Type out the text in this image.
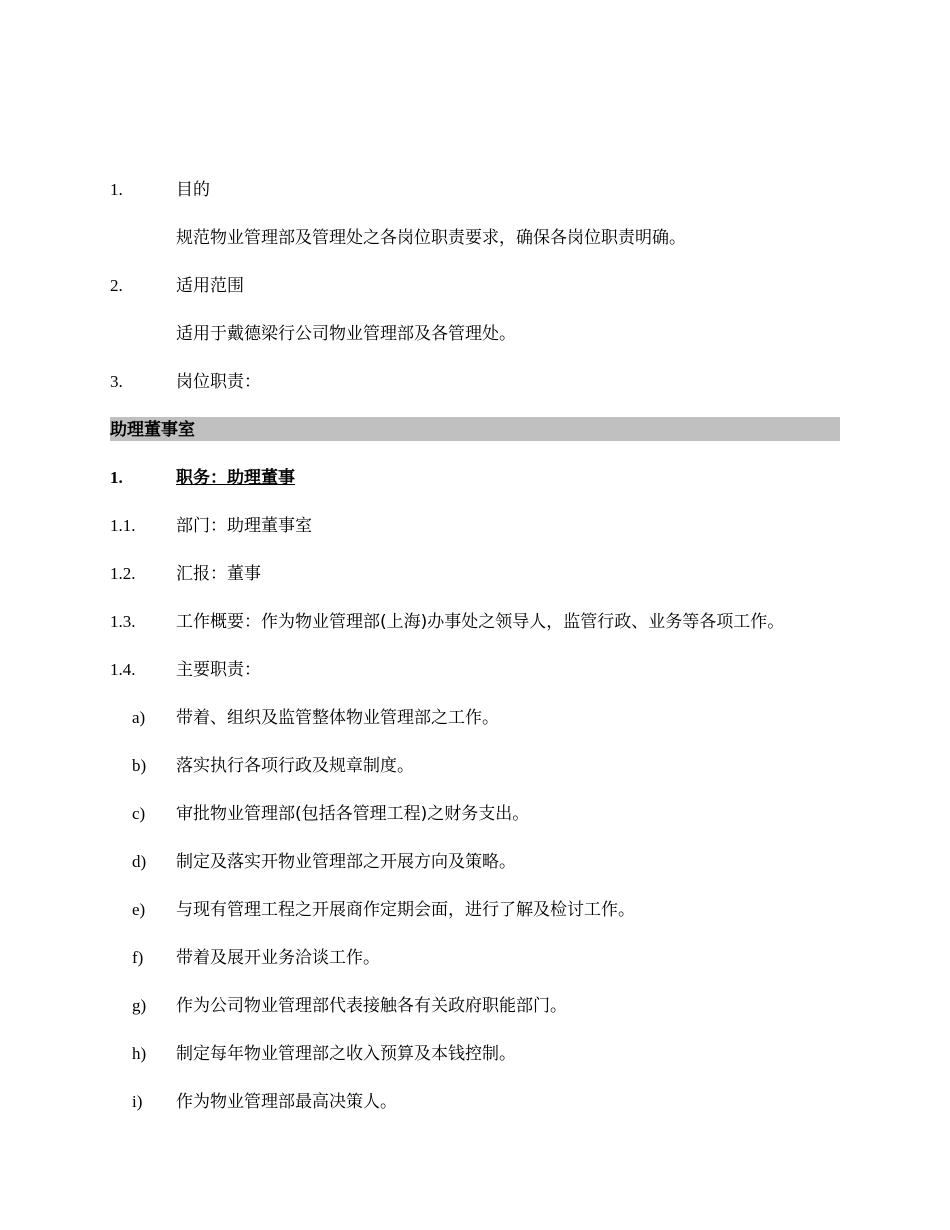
1.	目的
规范物业管理部及管理处之各岗位职责要求，确保各岗位职责明确。
2.	适用范围
适用于戴德梁行公司物业管理部及各管理处。
3.	岗位职责：
助理董事室
1.	职务：助理董事
1.1. 部门：助理董事室
1.2. 汇报：董事
1.3. 工作概要：作为物业管理部(上海)办事处之领导人，监管行政、业务等各项工作。
1.4. 主要职责：
a) 带着、组织及监管整体物业管理部之工作。
b) 落实执行各项行政及规章制度。
c) 审批物业管理部(包括各管理工程)之财务支出。
d) 制定及落实开物业管理部之开展方向及策略。
e) 与现有管理工程之开展商作定期会面，进行了解及检讨工作。
f) 带着及展开业务洽谈工作。
g) 作为公司物业管理部代表接触各有关政府职能部门。
h) 制定每年物业管理部之收入预算及本钱控制。
i) 作为物业管理部最高决策人。
